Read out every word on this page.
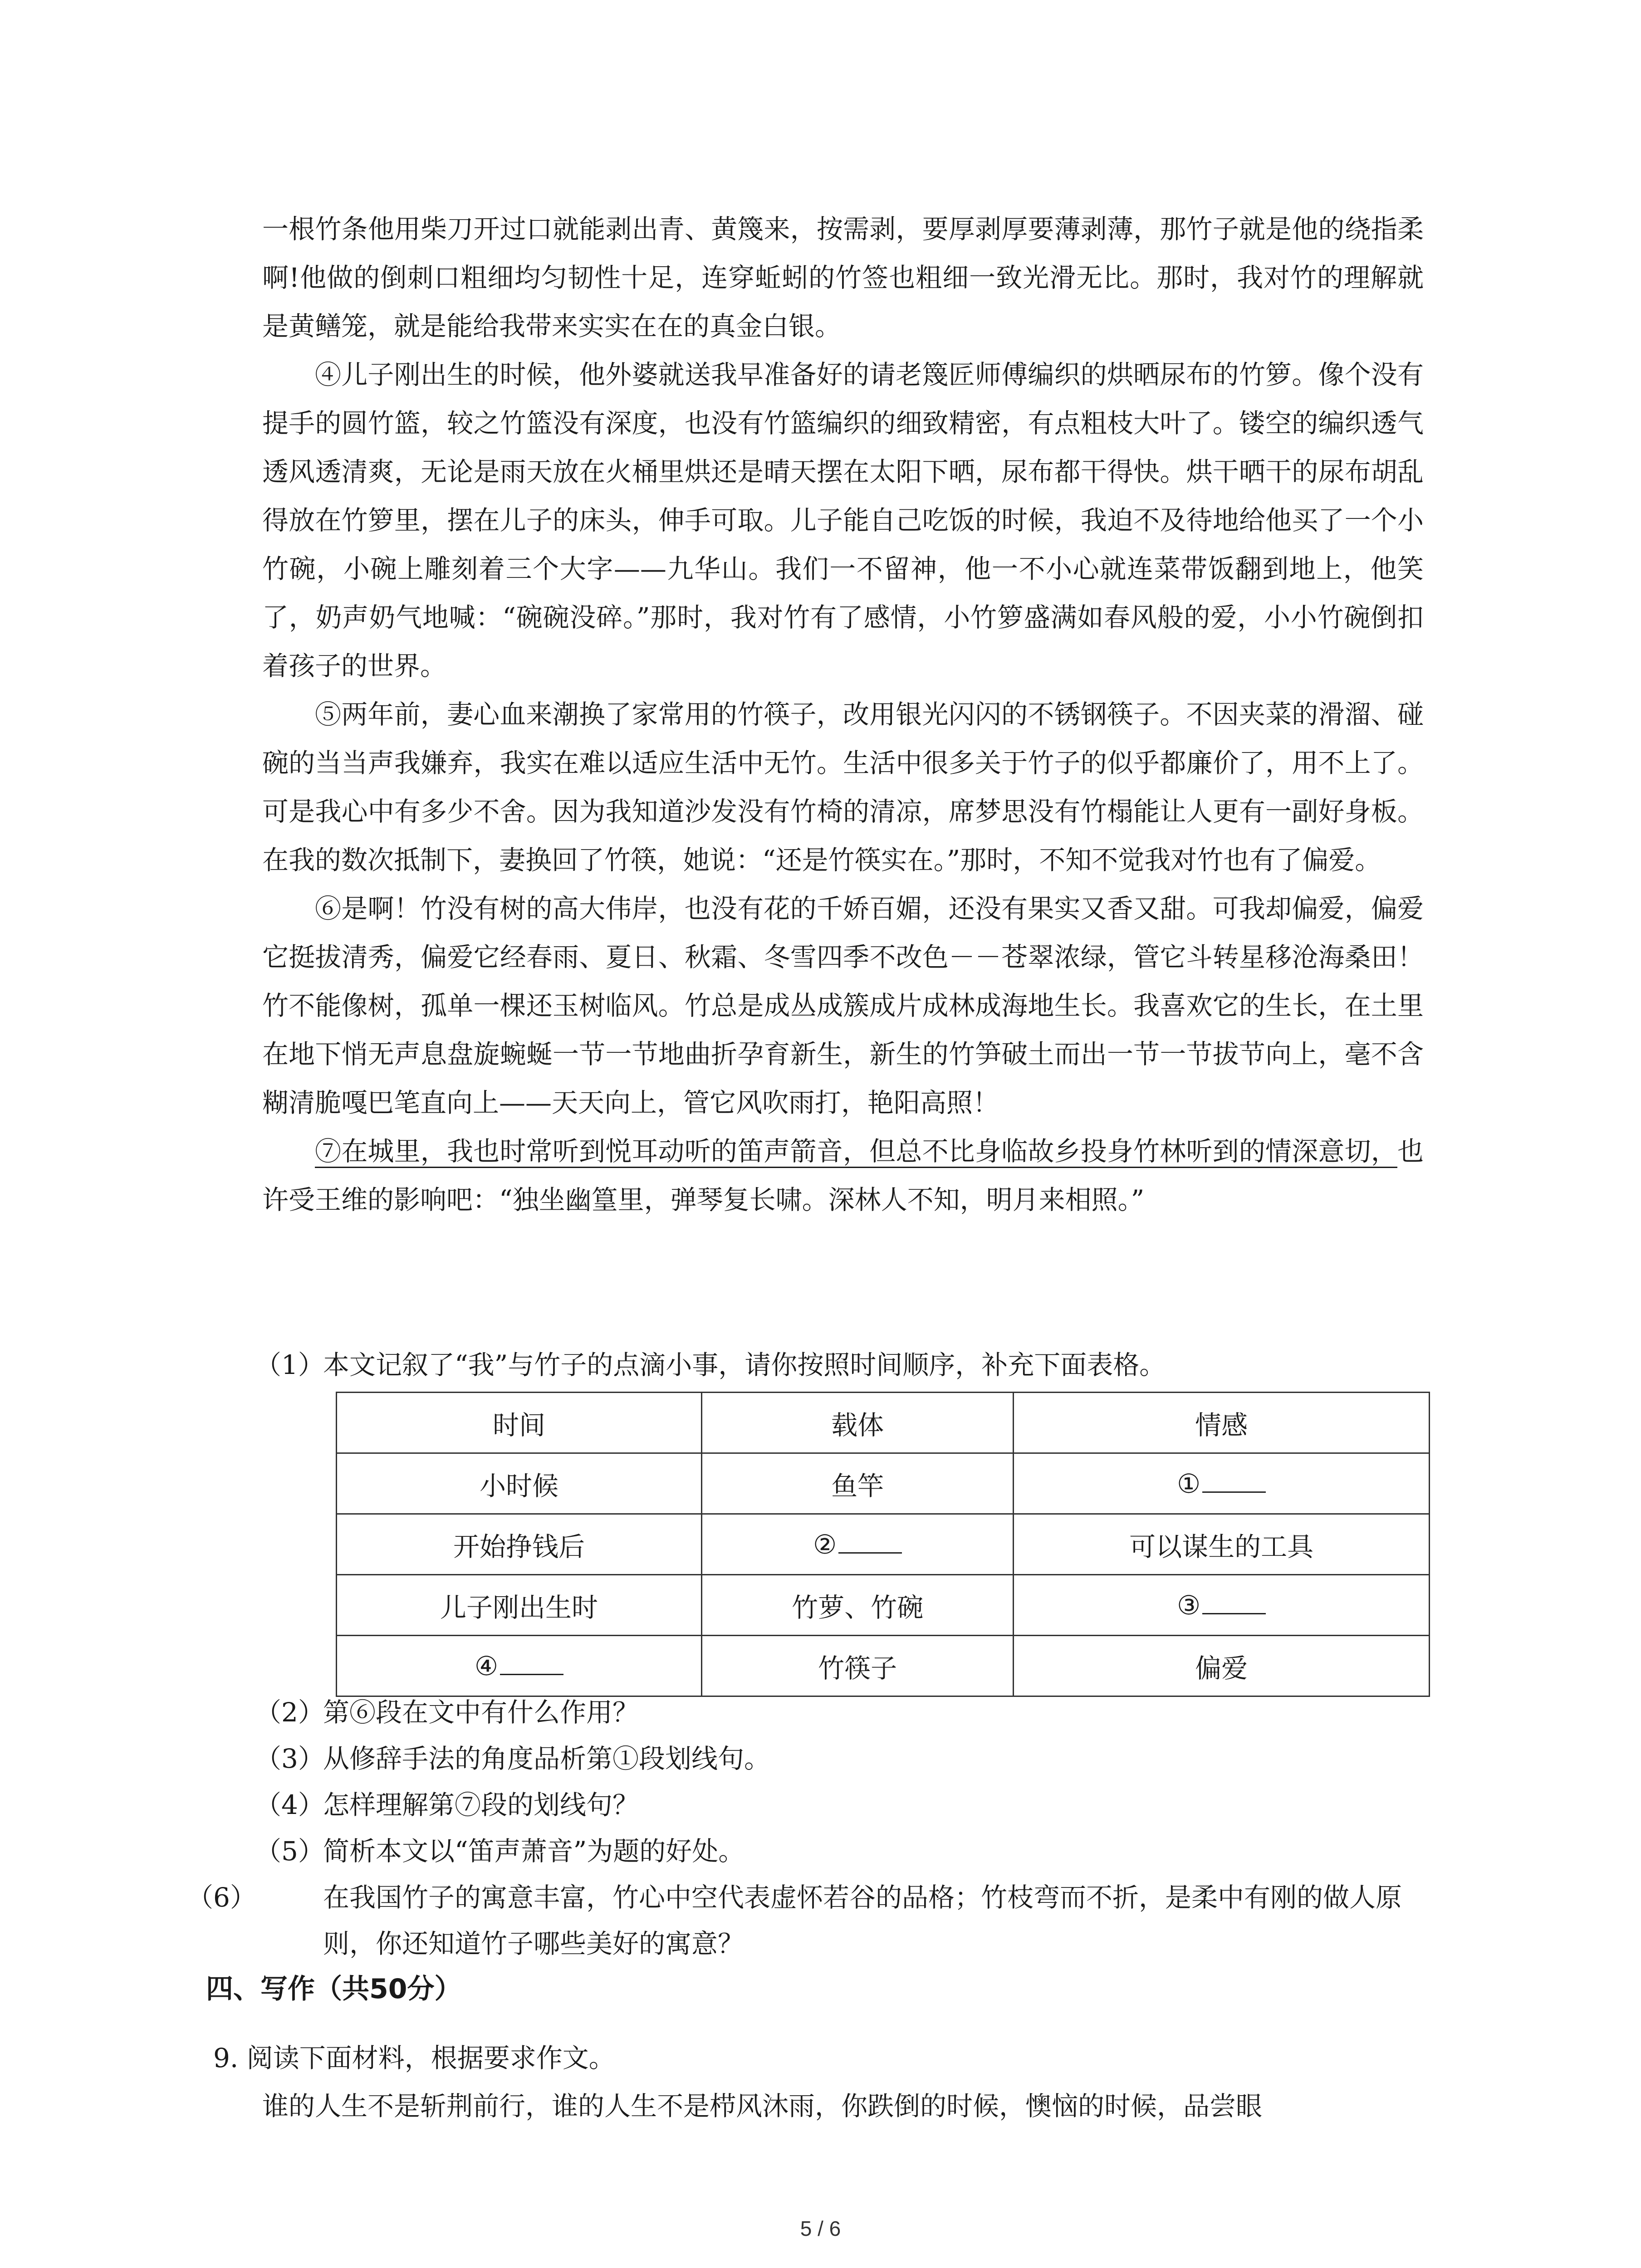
一根竹条他用柴刀开过口就能剥出青、黄篾来，按需剥，要厚剥厚要薄剥薄，那竹子就是他的绕指柔啊!他做的倒刺口粗细均匀韧性十足，连穿蚯蚓的竹签也粗细一致光滑无比。那时，我对竹的理解就是黄鳝笼，就是能给我带来实实在在的真金白银。

④儿子刚出生的时候，他外婆就送我早准备好的请老篾匠师傅编织的烘晒尿布的竹箩。像个没有提手的圆竹篮，较之竹篮没有深度，也没有竹篮编织的细致精密，有点粗枝大叶了。镂空的编织透气透风透清爽，无论是雨天放在火桶里烘还是晴天摆在太阳下晒，尿布都干得快。烘干晒干的尿布胡乱得放在竹箩里，摆在儿子的床头，伸手可取。儿子能自己吃饭的时候，我迫不及待地给他买了一个小竹碗，小碗上雕刻着三个大字——九华山。我们一不留神，他一不小心就连菜带饭翻到地上，他笑了，奶声奶气地喊：“碗碗没碎。”那时，我对竹有了感情，小竹箩盛满如春风般的爱，小小竹碗倒扣着孩子的世界。

⑤两年前，妻心血来潮换了家常用的竹筷子，改用银光闪闪的不锈钢筷子。不因夹菜的滑溜、碰碗的当当声我嫌弃，我实在难以适应生活中无竹。生活中很多关于竹子的似乎都廉价了，用不上了。可是我心中有多少不舍。因为我知道沙发没有竹椅的清凉，席梦思没有竹榻能让人更有一副好身板。在我的数次抵制下，妻换回了竹筷，她说：“还是竹筷实在。”那时，不知不觉我对竹也有了偏爱。

⑥是啊！竹没有树的高大伟岸，也没有花的千娇百媚，还没有果实又香又甜。可我却偏爱，偏爱它挺拔清秀，偏爱它经春雨、夏日、秋霜、冬雪四季不改色－－苍翠浓绿，管它斗转星移沧海桑田！竹不能像树，孤单一棵还玉树临风。竹总是成丛成簇成片成林成海地生长。我喜欢它的生长，在土里在地下悄无声息盘旋蜿蜒一节一节地曲折孕育新生，新生的竹笋破土而出一节一节拔节向上，毫不含糊清脆嘎巴笔直向上——天天向上，管它风吹雨打，艳阳高照！

⑦在城里，我也时常听到悦耳动听的笛声箭音，但总不比身临故乡投身竹林听到的情深意切，也许受王维的影响吧：“独坐幽篁里，弹琴复长啸。深林人不知，明月来相照。”

（1）本文记叙了“我”与竹子的点滴小事，请你按照时间顺序，补充下面表格。

时间	载体	情感
小时候	鱼竿	①
开始挣钱后	②	可以谋生的工具
儿子刚出生时	竹萝、竹碗	③
④	竹筷子	偏爱

（2）第⑥段在文中有什么作用？

（3）从修辞手法的角度品析第①段划线句。

（4）怎样理解第⑦段的划线句？

（5）简析本文以“笛声萧音”为题的好处。

（6）	在我国竹子的寓意丰富，竹心中空代表虚怀若谷的品格；竹枝弯而不折，是柔中有刚的做人原则，你还知道竹子哪些美好的寓意？

四、写作（共50分）

9. 阅读下面材料，根据要求作文。

谁的人生不是斩荆前行，谁的人生不是栉风沐雨，你跌倒的时候，懊恼的时候，品尝眼

5 / 6
